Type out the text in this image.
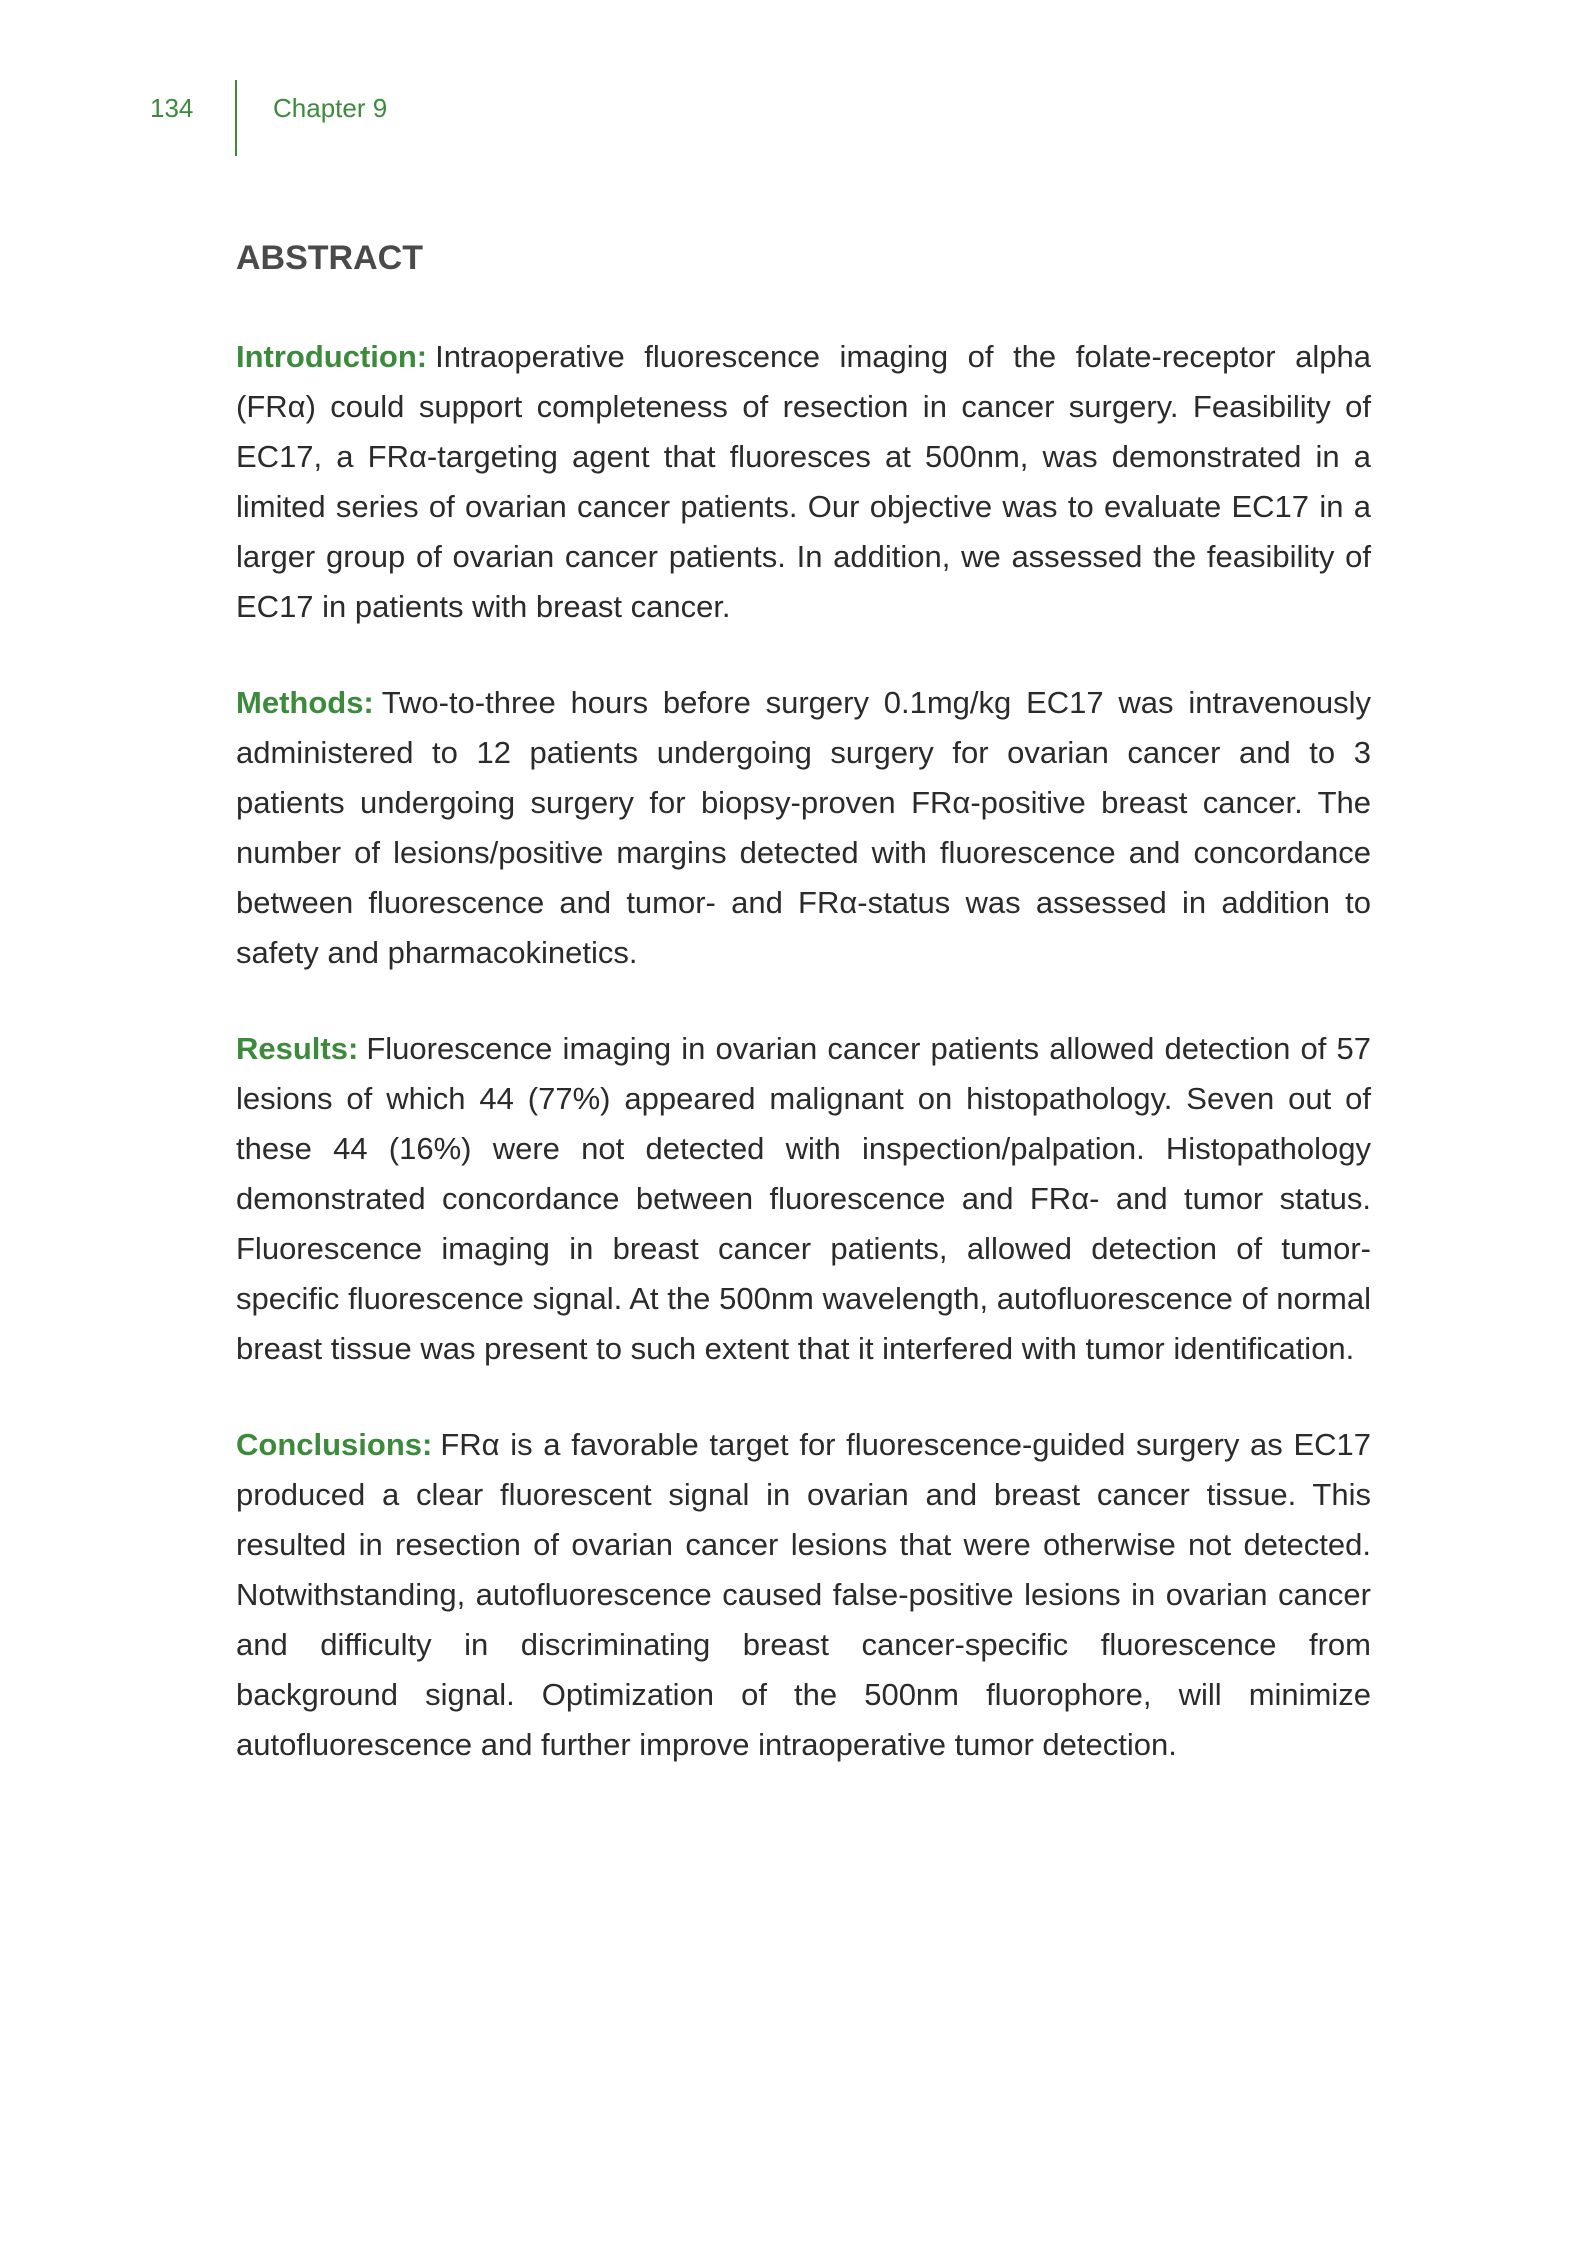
134	Chapter 9
ABSTRACT

Introduction: Intraoperative fluorescence imaging of the folate-receptor alpha (FRα) could support completeness of resection in cancer surgery. Feasibility of EC17, a FRα-targeting agent that fluoresces at 500nm, was demonstrated in a limited series of ovarian cancer patients. Our objective was to evaluate EC17 in a larger group of ovarian cancer patients. In addition, we assessed the feasibility of EC17 in patients with breast cancer.

Methods: Two-to-three hours before surgery 0.1mg/kg EC17 was intravenously administered to 12 patients undergoing surgery for ovarian cancer and to 3 patients undergoing surgery for biopsy-proven FRα-positive breast cancer. The number of lesions/positive margins detected with fluorescence and concordance between fluorescence and tumor- and FRα-status was assessed in addition to safety and pharmacokinetics.

Results: Fluorescence imaging in ovarian cancer patients allowed detection of 57 lesions of which 44 (77%) appeared malignant on histopathology. Seven out of these 44 (16%) were not detected with inspection/palpation. Histopathology demonstrated concordance between fluorescence and FRα- and tumor status. Fluorescence imaging in breast cancer patients, allowed detection of tumor-specific fluorescence signal. At the 500nm wavelength, autofluorescence of normal breast tissue was present to such extent that it interfered with tumor identification.

Conclusions: FRα is a favorable target for fluorescence-guided surgery as EC17 produced a clear fluorescent signal in ovarian and breast cancer tissue. This resulted in resection of ovarian cancer lesions that were otherwise not detected. Notwithstanding, autofluorescence caused false-positive lesions in ovarian cancer and difficulty in discriminating breast cancer-specific fluorescence from background signal. Optimization of the 500nm fluorophore, will minimize autofluorescence and further improve intraoperative tumor detection.
